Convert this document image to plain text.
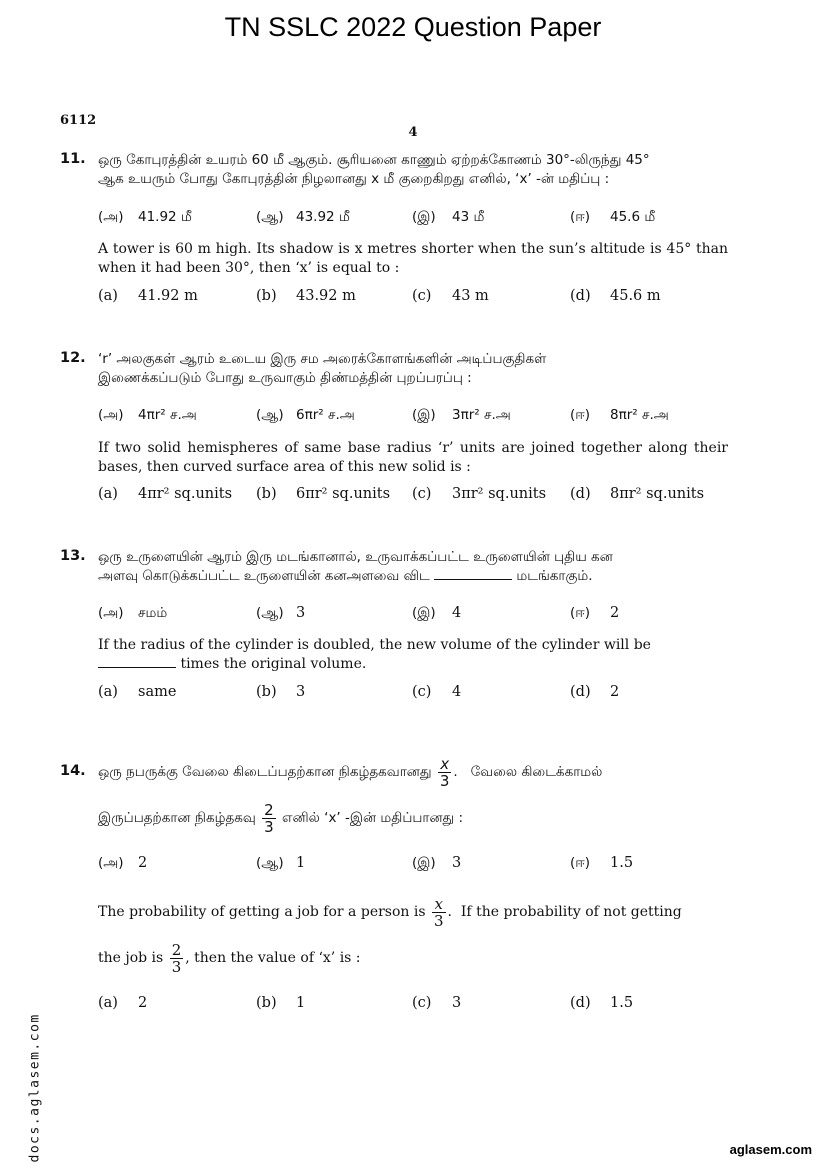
TN SSLC 2022 Question Paper
6112
4
11. ஒரு கோபுரத்தின் உயரம் 60 மீ ஆகும். சூரியனை காணும் ஏற்றக்கோணம் 30°-லிருந்து 45°
ஆக உயரும் போது கோபுரத்தின் நிழலானது x மீ குறைகிறது எனில், ‘x’ -ன் மதிப்பு :
(அ) 41.92 மீ	(ஆ) 43.92 மீ	(இ) 43 மீ	(ஈ) 45.6 மீ
A tower is 60 m high. Its shadow is x metres shorter when the sun’s altitude is 45° than when it had been 30°, then ‘x’ is equal to :
(a) 41.92 m	(b) 43.92 m	(c) 43 m	(d) 45.6 m
12. ‘r’ அலகுகள் ஆரம் உடைய இரு சம அரைக்கோளங்களின் அடிப்பகுதிகள்
இணைக்கப்படும் போது உருவாகும் திண்மத்தின் புறப்பரப்பு :
(அ) 4πr² ச.அ	(ஆ) 6πr² ச.அ	(இ) 3πr² ச.அ	(ஈ) 8πr² ச.அ
If two solid hemispheres of same base radius ‘r’ units are joined together along their bases, then curved surface area of this new solid is :
(a) 4πr² sq.units (b) 6πr² sq.units (c) 3πr² sq.units (d) 8πr² sq.units
13. ஒரு உருளையின் ஆரம் இரு மடங்கானால், உருவாக்கப்பட்ட உருளையின் புதிய கன
அளவு கொடுக்கப்பட்ட உருளையின் கனஅளவை விட	மடங்காகும்.
(அ) சமம்	(ஆ) 3	(இ) 4	(ஈ) 2
If the radius of the cylinder is doubled, the new volume of the cylinder will be
times the original volume.
(a) same	(b) 3	(c) 4	(d) 2
14. ஒரு நபருக்கு வேலை கிடைப்பதற்கான நிகழ்தகவானது $\frac{x}{3}$ .   வேலை கிடைக்காமல்
இருப்பதற்கான நிகழ்தகவு $\frac{2}{3}$ எனில் ‘x’ -இன் மதிப்பானது :
(அ) 2	(ஆ) 1	(இ) 3	(ஈ) 1.5
The probability of getting a job for a person is $\frac{x}{3}$ .  If the probability of not getting
the job is $\frac{2}{3}$ , then the value of ‘x’ is :
(a) 2	(b) 1	(c) 3	(d) 1.5
docs.aglasem.com	aglasem.com
